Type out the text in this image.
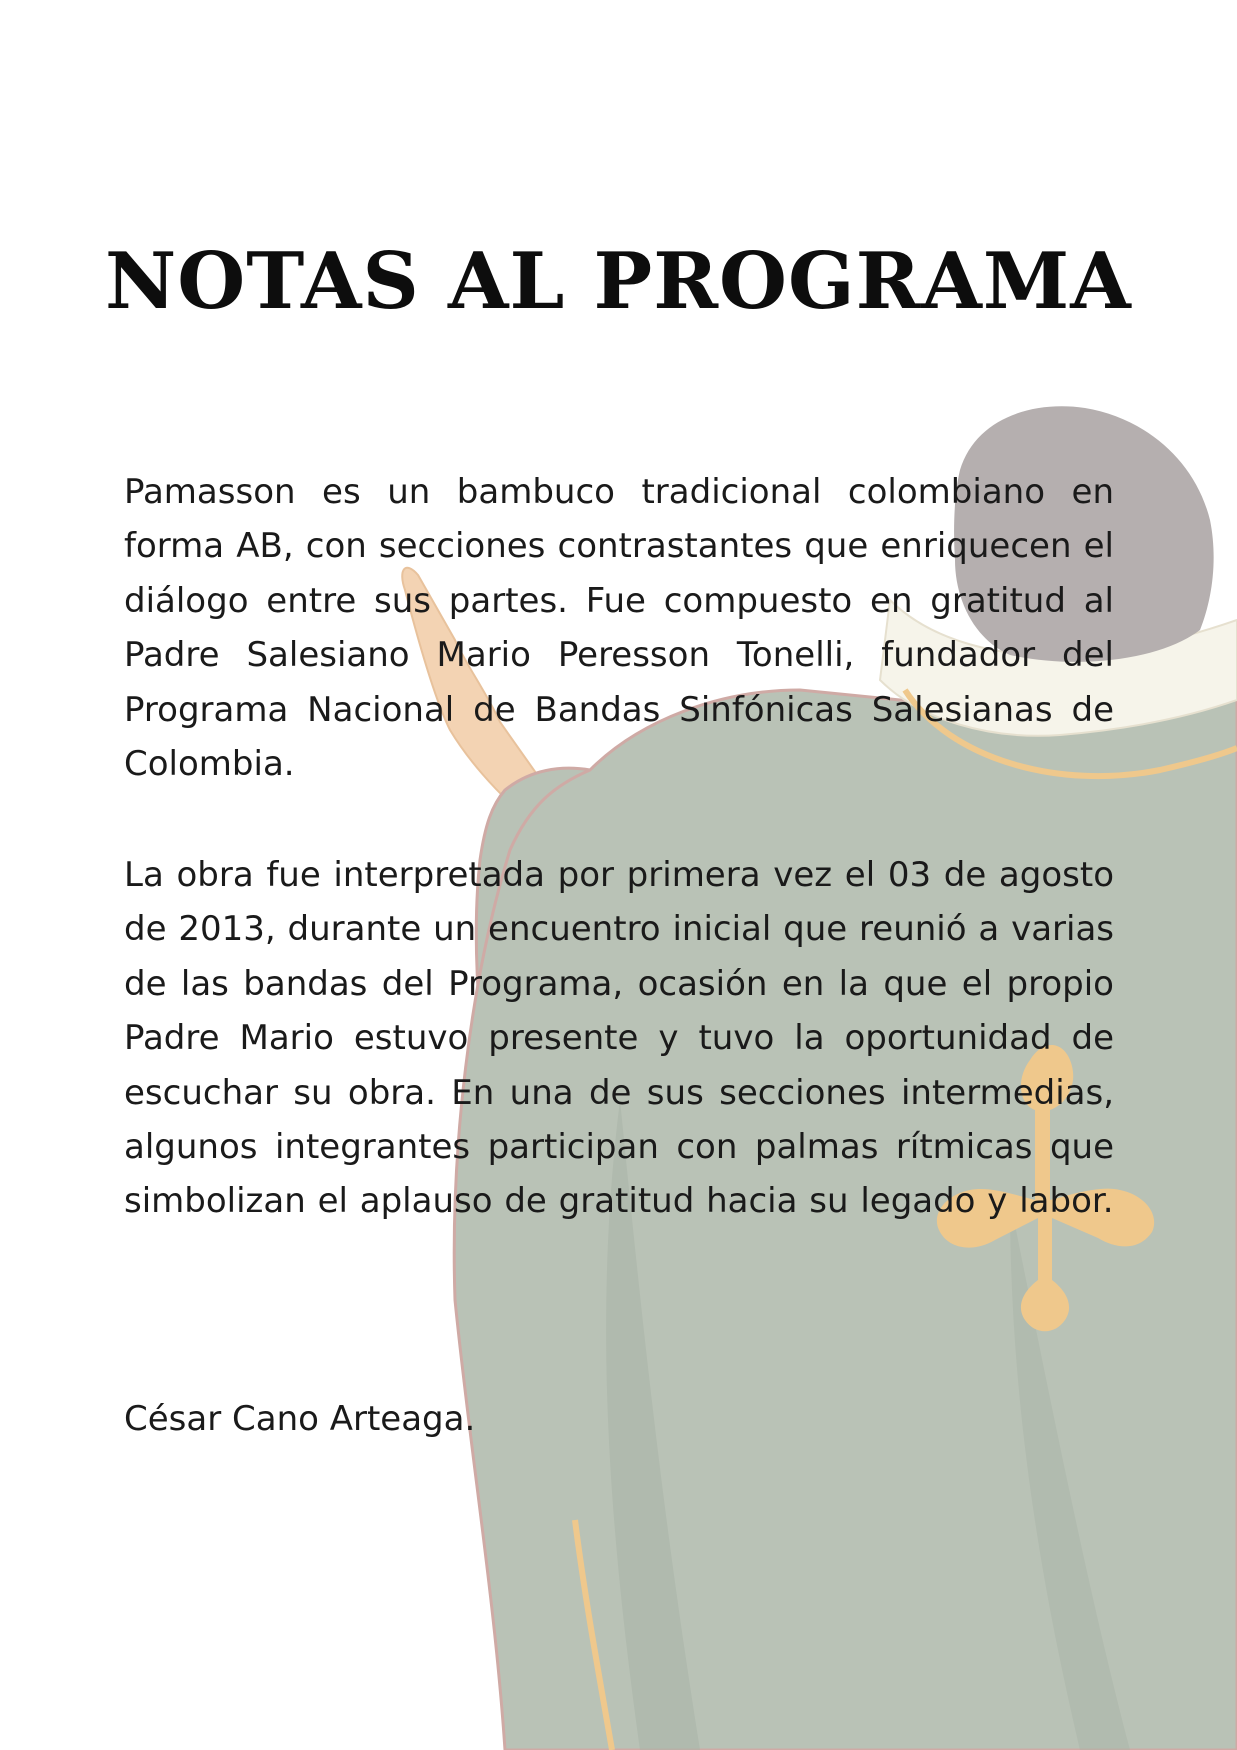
NOTAS AL PROGRAMA

Pamasson es un bambuco tradicional colombiano en forma AB, con secciones contrastantes que enriquecen el diálogo entre sus partes. Fue compuesto en gratitud al Padre Salesiano Mario Peresson Tonelli, fundador del Programa Nacional de Bandas Sinfónicas Salesianas de Colombia.

La obra fue interpretada por primera vez el 03 de agosto de 2013, durante un encuentro inicial que reunió a varias de las bandas del Programa, ocasión en la que el propio Padre Mario estuvo presente y tuvo la oportunidad de escuchar su obra. En una de sus secciones intermedias, algunos integrantes participan con palmas rítmicas que simbolizan el aplauso de gratitud hacia su legado y labor.

César Cano Arteaga.
